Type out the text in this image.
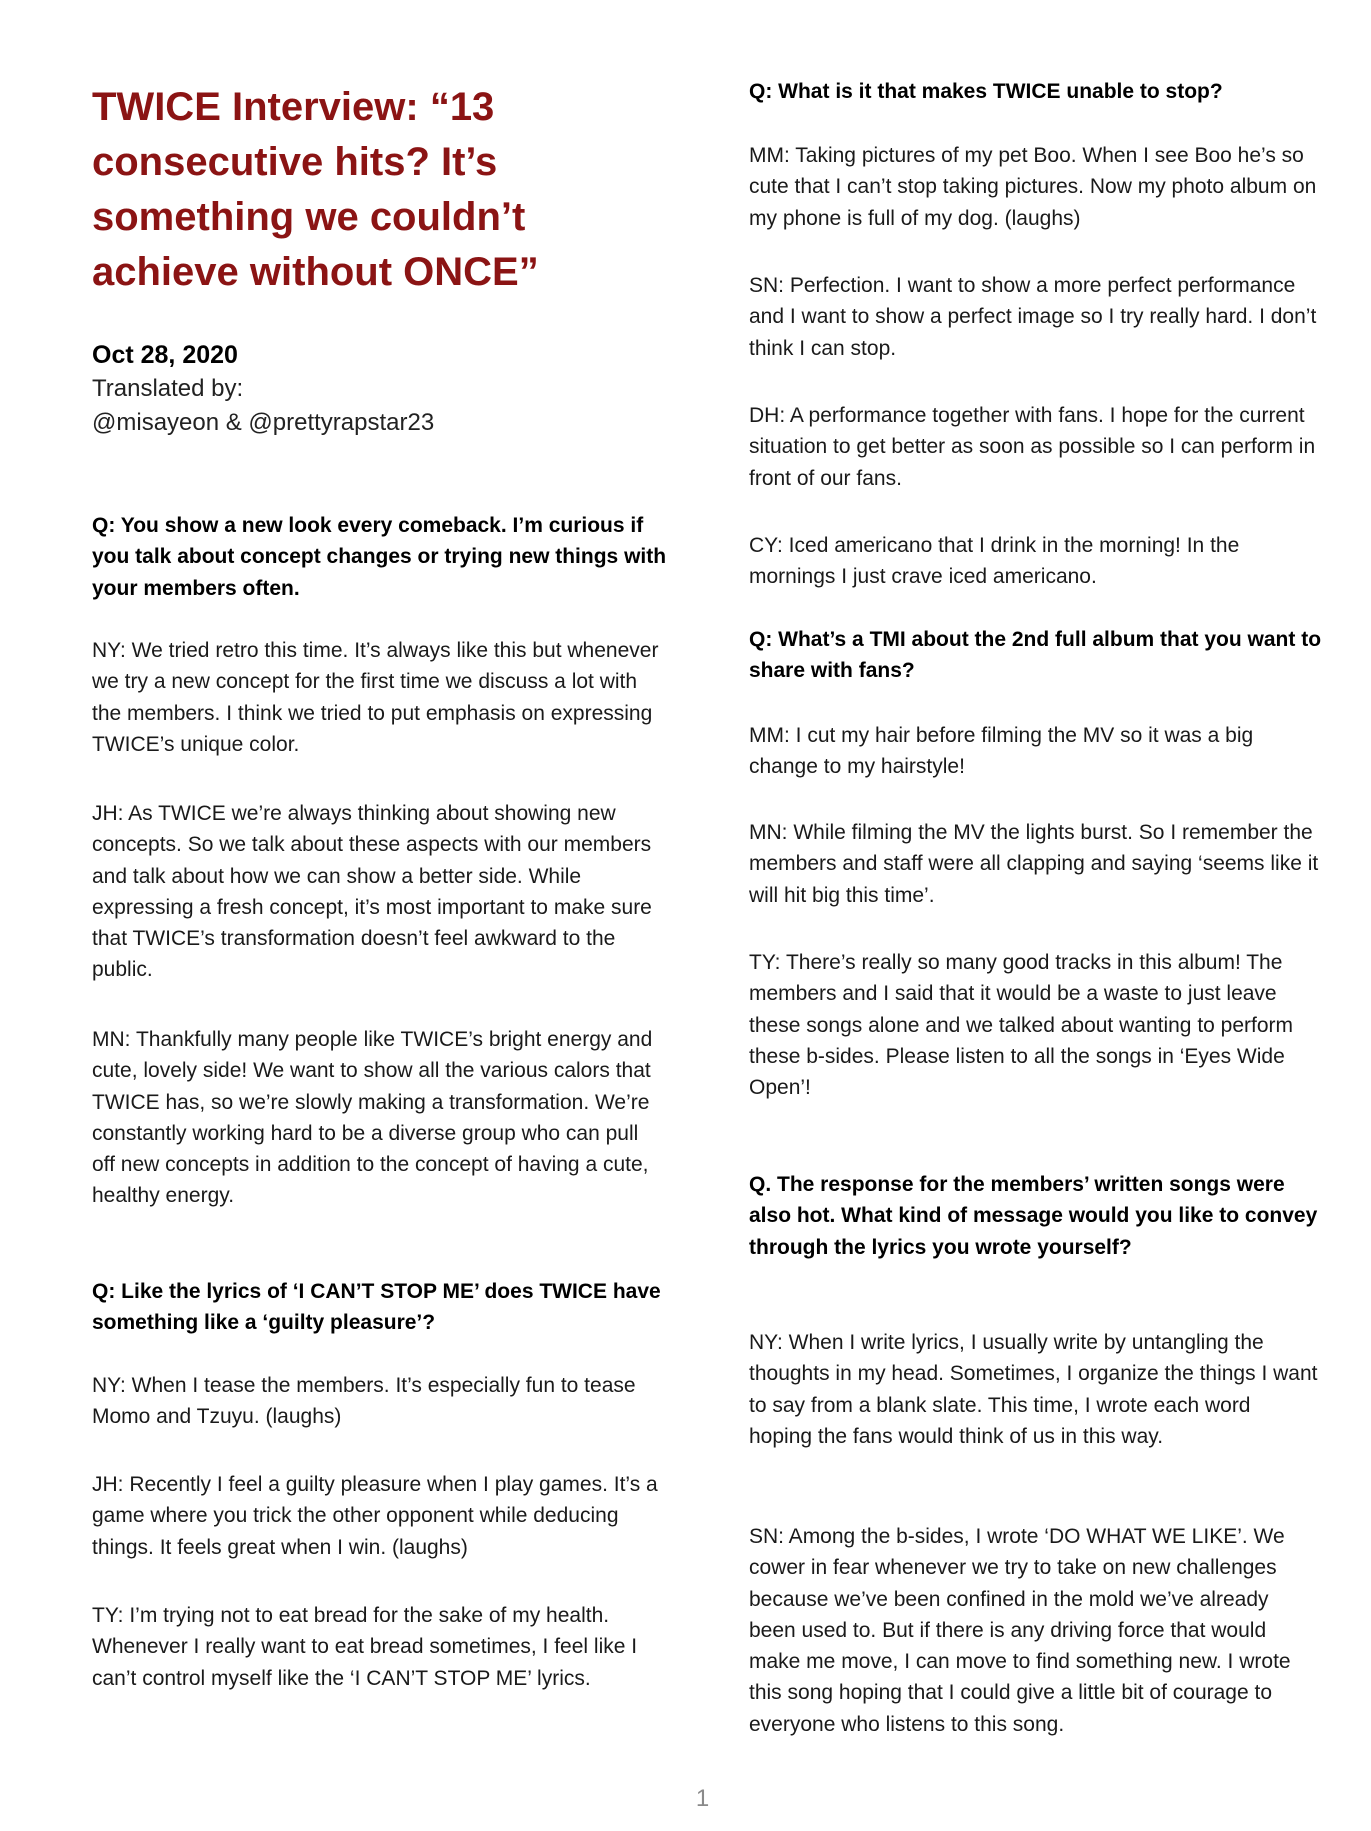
TWICE Interview: “13 consecutive hits? It’s something we couldn’t achieve without ONCE”
Oct 28, 2020
Translated by:
@misayeon & @prettyrapstar23

Q: You show a new look every comeback. I’m curious if you talk about concept changes or trying new things with your members often.

NY: We tried retro this time. It’s always like this but whenever we try a new concept for the first time we discuss a lot with the members. I think we tried to put emphasis on expressing TWICE’s unique color.

JH: As TWICE we’re always thinking about showing new concepts. So we talk about these aspects with our members and talk about how we can show a better side. While expressing a fresh concept, it’s most important to make sure that TWICE’s transformation doesn’t feel awkward to the public.

MN: Thankfully many people like TWICE’s bright energy and cute, lovely side! We want to show all the various calors that TWICE has, so we’re slowly making a transformation. We’re constantly working hard to be a diverse group who can pull off new concepts in addition to the concept of having a cute, healthy energy.

Q: Like the lyrics of ‘I CAN’T STOP ME’ does TWICE have something like a ‘guilty pleasure’?

NY: When I tease the members. It’s especially fun to tease Momo and Tzuyu. (laughs)

JH: Recently I feel a guilty pleasure when I play games. It’s a game where you trick the other opponent while deducing things. It feels great when I win. (laughs)

TY: I’m trying not to eat bread for the sake of my health. Whenever I really want to eat bread sometimes, I feel like I can’t control myself like the ‘I CAN’T STOP ME’ lyrics.

Q: What is it that makes TWICE unable to stop?

MM: Taking pictures of my pet Boo. When I see Boo he’s so cute that I can’t stop taking pictures. Now my photo album on my phone is full of my dog. (laughs)

SN: Perfection. I want to show a more perfect performance and I want to show a perfect image so I try really hard. I don’t think I can stop.

DH: A performance together with fans. I hope for the current situation to get better as soon as possible so I can perform in front of our fans.

CY: Iced americano that I drink in the morning! In the mornings I just crave iced americano.

Q: What’s a TMI about the 2nd full album that you want to share with fans?

MM: I cut my hair before filming the MV so it was a big change to my hairstyle!

MN: While filming the MV the lights burst. So I remember the members and staff were all clapping and saying ‘seems like it will hit big this time’.

TY: There’s really so many good tracks in this album! The members and I said that it would be a waste to just leave these songs alone and we talked about wanting to perform these b-sides. Please listen to all the songs in ‘Eyes Wide Open’!

Q. The response for the members’ written songs were also hot. What kind of message would you like to convey through the lyrics you wrote yourself?

NY: When I write lyrics, I usually write by untangling the thoughts in my head. Sometimes, I organize the things I want to say from a blank slate. This time, I wrote each word hoping the fans would think of us in this way.

SN: Among the b-sides, I wrote ‘DO WHAT WE LIKE’. We cower in fear whenever we try to take on new challenges because we’ve been confined in the mold we’ve already been used to. But if there is any driving force that would make me move, I can move to find something new. I wrote this song hoping that I could give a little bit of courage to everyone who listens to this song.

1
